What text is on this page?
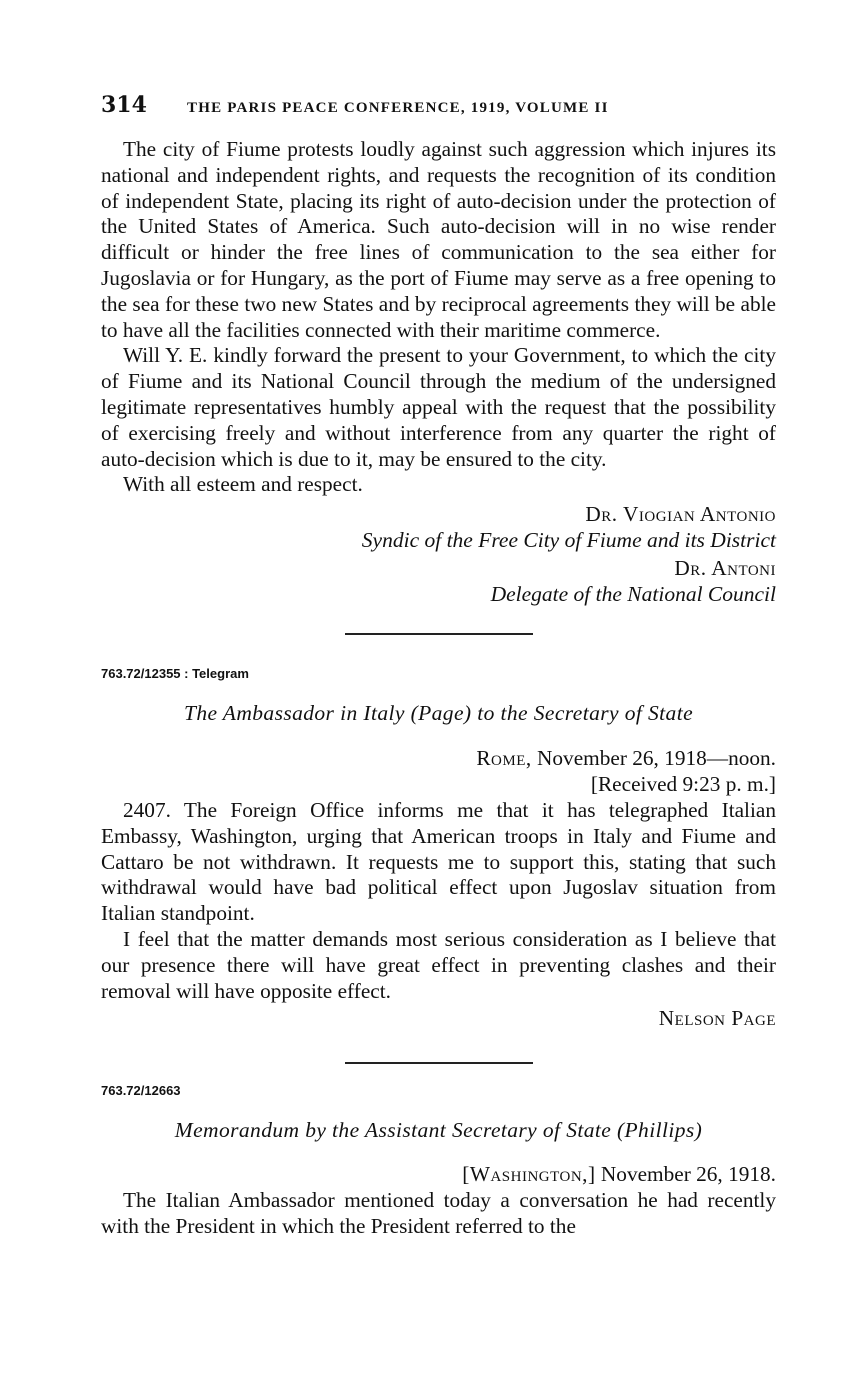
314	THE PARIS PEACE CONFERENCE, 1919, VOLUME II

The city of Fiume protests loudly against such aggression which injures its national and independent rights, and requests the recognition of its condition of independent State, placing its right of auto-decision under the protection of the United States of America. Such auto-decision will in no wise render difficult or hinder the free lines of communication to the sea either for Jugoslavia or for Hungary, as the port of Fiume may serve as a free opening to the sea for these two new States and by reciprocal agreements they will be able to have all the facilities connected with their maritime commerce.

Will Y. E. kindly forward the present to your Government, to which the city of Fiume and its National Council through the medium of the undersigned legitimate representatives humbly appeal with the request that the possibility of exercising freely and without interference from any quarter the right of auto-decision which is due to it, may be ensured to the city.

With all esteem and respect.

Dr. Viogian Antonio
Syndic of the Free City of Fiume and its District
Dr. Antoni
Delegate of the National Council
763.72/12355 : Telegram
The Ambassador in Italy (Page) to the Secretary of State
Rome, November 26, 1918—noon.
[Received 9:23 p. m.]

2407. The Foreign Office informs me that it has telegraphed Italian Embassy, Washington, urging that American troops in Italy and Fiume and Cattaro be not withdrawn. It requests me to support this, stating that such withdrawal would have bad political effect upon Jugoslav situation from Italian standpoint.

I feel that the matter demands most serious consideration as I believe that our presence there will have great effect in preventing clashes and their removal will have opposite effect.

Nelson Page
763.72/12663
Memorandum by the Assistant Secretary of State (Phillips)
[Washington,] November 26, 1918.

The Italian Ambassador mentioned today a conversation he had recently with the President in which the President referred to the
